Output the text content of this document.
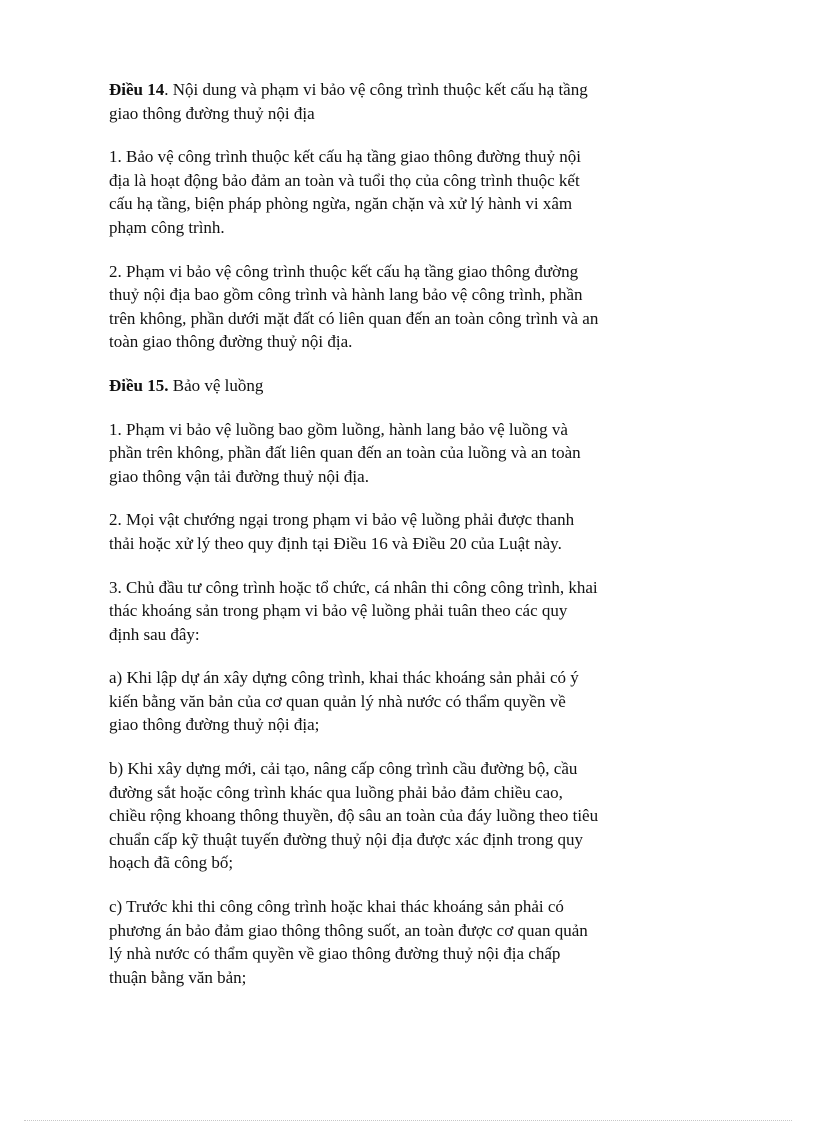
Điều 14. Nội dung và phạm vi bảo vệ công trình thuộc kết cấu hạ tầng giao thông đường thuỷ nội địa

1. Bảo vệ công trình thuộc kết cấu hạ tầng giao thông đường thuỷ nội địa là hoạt động bảo đảm an toàn và tuổi thọ của công trình thuộc kết cấu hạ tầng, biện pháp phòng ngừa, ngăn chặn và xử lý hành vi xâm phạm công trình.

2. Phạm vi bảo vệ công trình thuộc kết cấu hạ tầng giao thông đường thuỷ nội địa bao gồm công trình và hành lang bảo vệ công trình, phần trên không, phần dưới mặt đất có liên quan đến an toàn công trình và an toàn giao thông đường thuỷ nội địa.

Điều 15. Bảo vệ luồng

1. Phạm vi bảo vệ luồng bao gồm luồng, hành lang bảo vệ luồng và phần trên không, phần đất liên quan đến an toàn của luồng và an toàn giao thông vận tải đường thuỷ nội địa.

2. Mọi vật chướng ngại trong phạm vi bảo vệ luồng phải được thanh thải hoặc xử lý theo quy định tại Điều 16 và Điều 20 của Luật này.

3. Chủ đầu tư công trình hoặc tổ chức, cá nhân thi công công trình, khai thác khoáng sản trong phạm vi bảo vệ luồng phải tuân theo các quy định sau đây:

a) Khi lập dự án xây dựng công trình, khai thác khoáng sản phải có ý kiến bằng văn bản của cơ quan quản lý nhà nước có thẩm quyền về giao thông đường thuỷ nội địa;

b) Khi xây dựng mới, cải tạo, nâng cấp công trình cầu đường bộ, cầu đường sắt hoặc công trình khác qua luồng phải bảo đảm chiều cao, chiều rộng khoang thông thuyền, độ sâu an toàn của đáy luồng theo tiêu chuẩn cấp kỹ thuật tuyến đường thuỷ nội địa được xác định trong quy hoạch đã công bố;

c) Trước khi thi công công trình hoặc khai thác khoáng sản phải có phương án bảo đảm giao thông thông suốt, an toàn được cơ quan quản lý nhà nước có thẩm quyền về giao thông đường thuỷ nội địa chấp thuận bằng văn bản;
